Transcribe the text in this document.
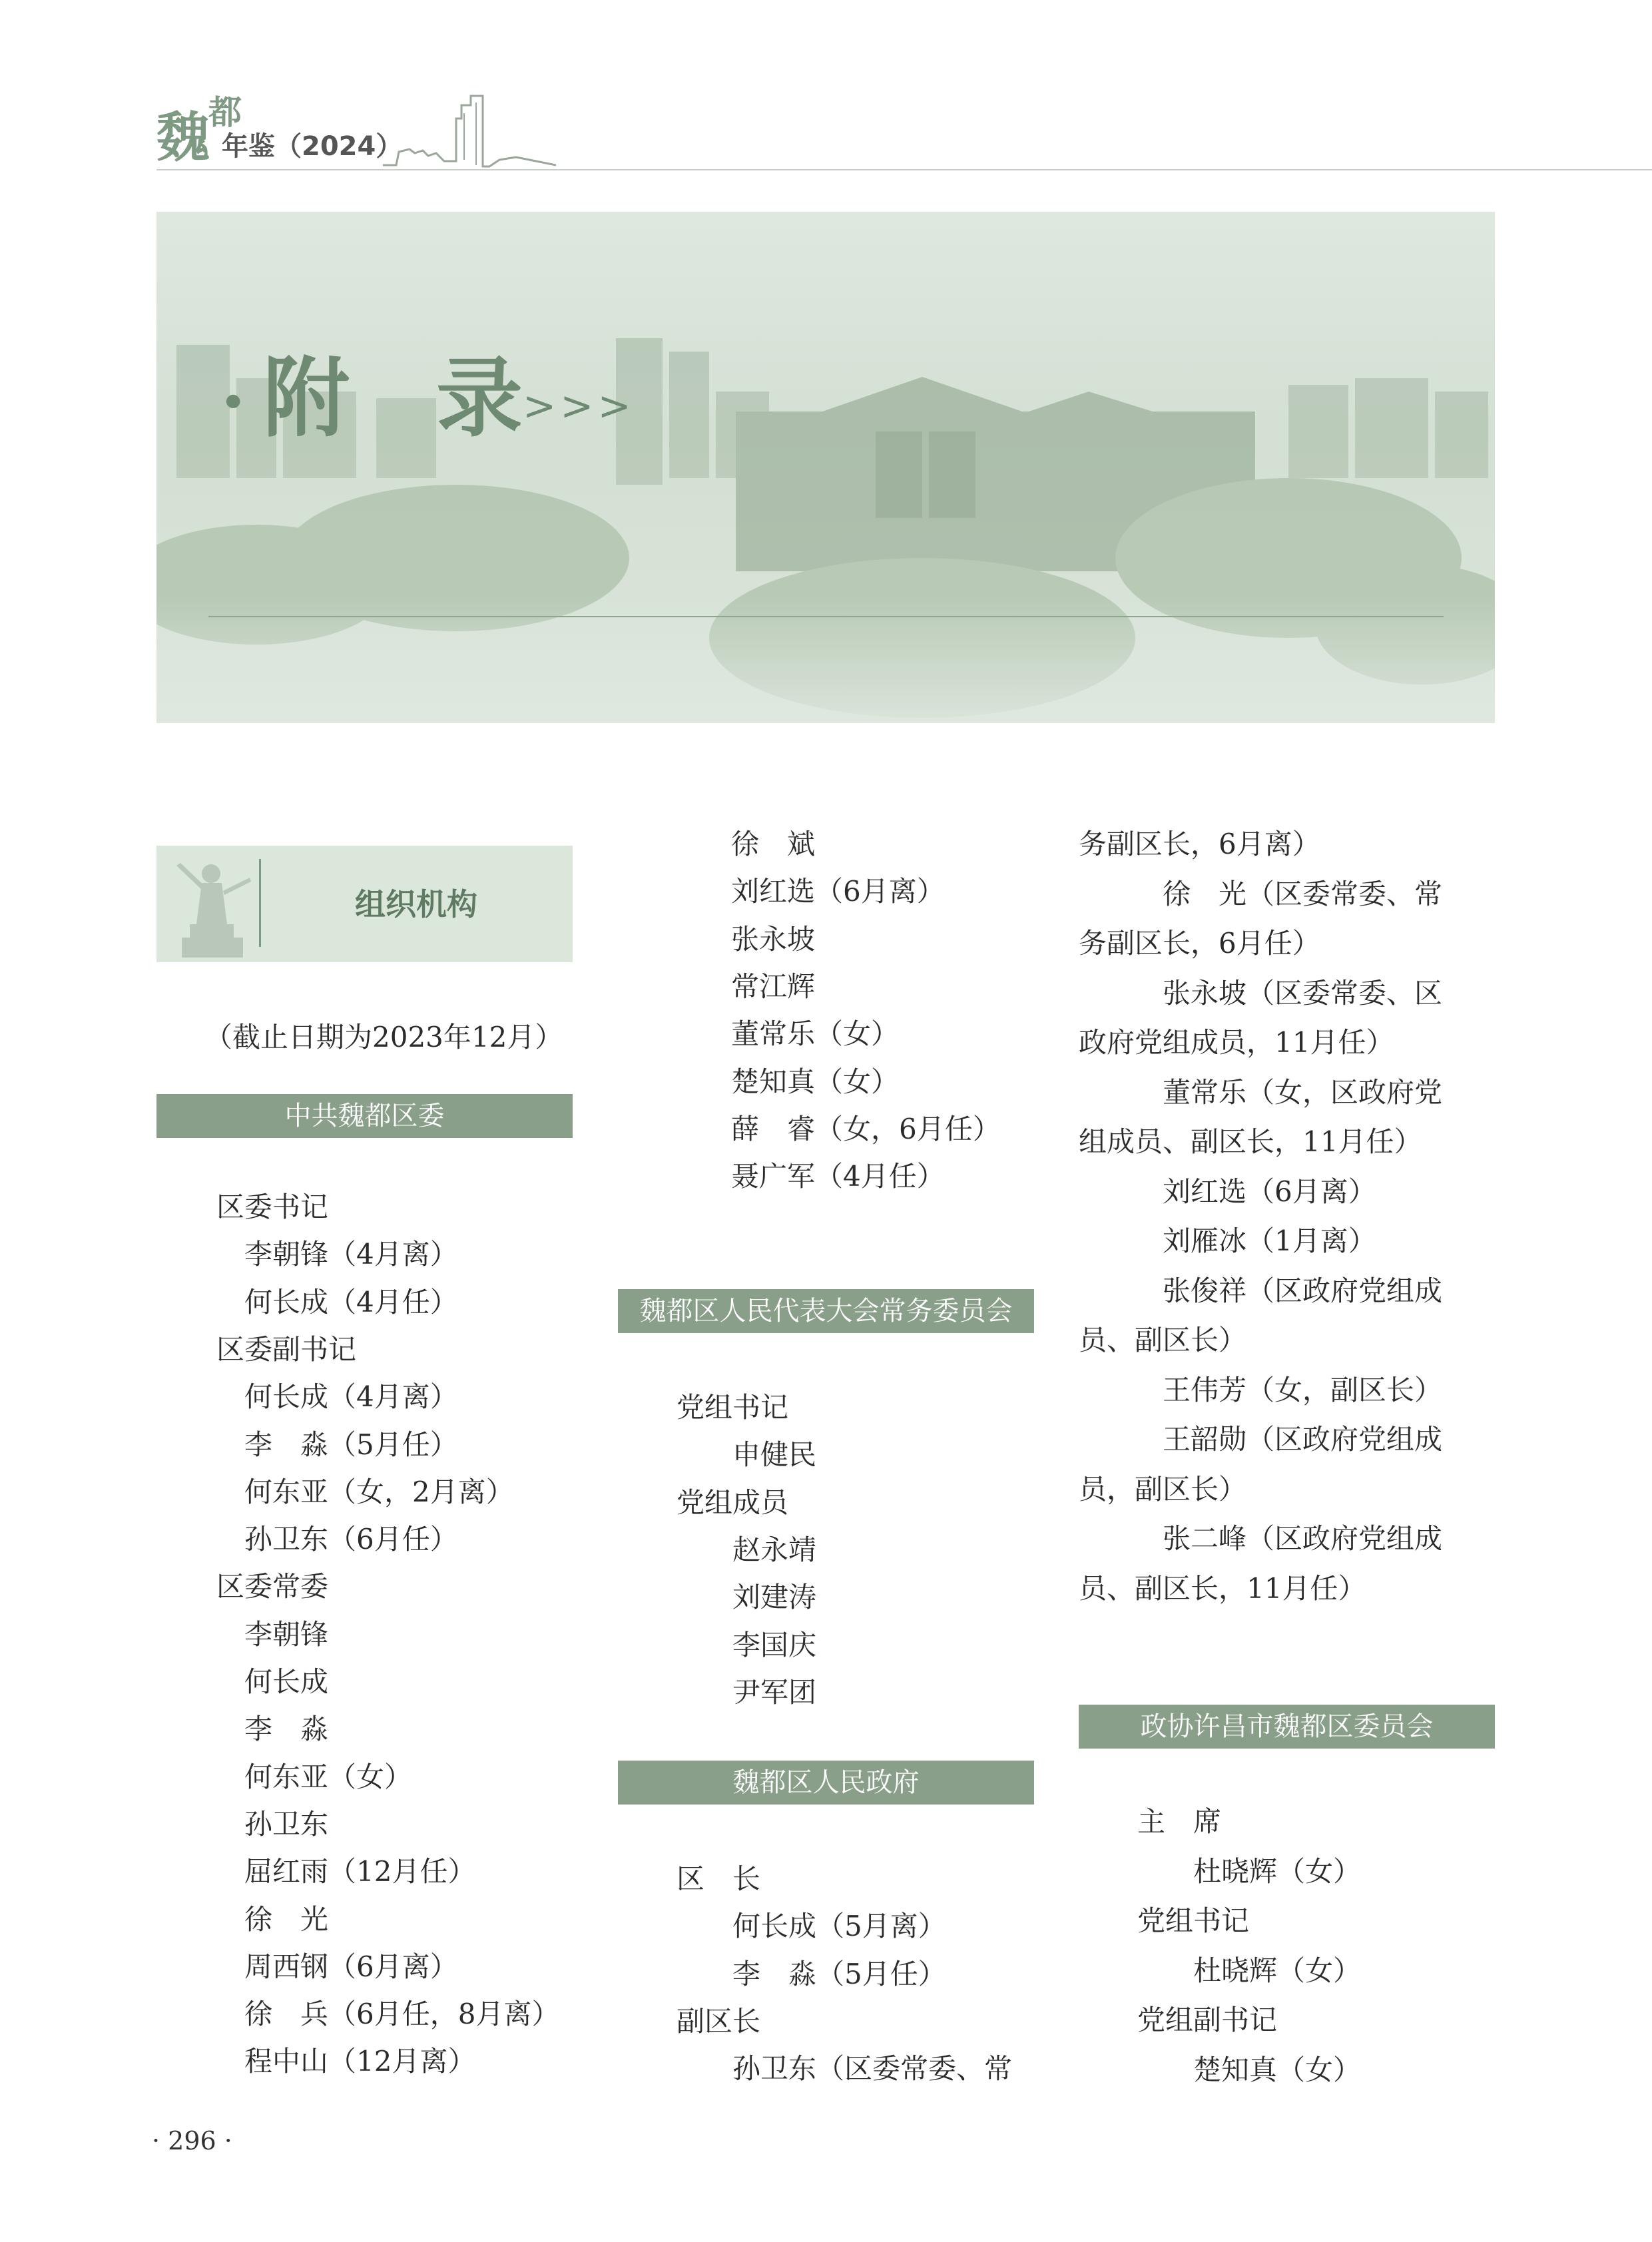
魏
都
年鉴（2024）
· 附　录 >>>
组织机构
（截止日期为2023年12月）
中共魏都区委
区委书记
　李朝锋（4月离）
　何长成（4月任）
区委副书记
　何长成（4月离）
　李　淼（5月任）
　何东亚（女，2月离）
　孙卫东（6月任）
区委常委
　李朝锋
　何长成
　李　淼
　何东亚（女）
　孙卫东
　屈红雨（12月任）
　徐　光
　周西钢（6月离）
　徐　兵（6月任，8月离）
　程中山（12月离）
徐　斌
刘红选（6月离）
张永坡
常江辉
董常乐（女）
楚知真（女）
薛　睿（女，6月任）
聂广军（4月任）
魏都区人民代表大会常务委员会
党组书记
　　申健民
党组成员
　　赵永靖
　　刘建涛
　　李国庆
　　尹军团
魏都区人民政府
区　长
　　何长成（5月离）
　　李　淼（5月任）
副区长
　　孙卫东（区委常委、常
务副区长，6月离）
　　　徐　光（区委常委、常
务副区长，6月任）
　　　张永坡（区委常委、区
政府党组成员，11月任）
　　　董常乐（女，区政府党
组成员、副区长，11月任）
　　　刘红选（6月离）
　　　刘雁冰（1月离）
　　　张俊祥（区政府党组成
员、副区长）
　　　王伟芳（女，副区长）
　　　王韶勋（区政府党组成
员，副区长）
　　　张二峰（区政府党组成
员、副区长，11月任）
政协许昌市魏都区委员会
主　席
　　杜晓辉（女）
党组书记
　　杜晓辉（女）
党组副书记
　　楚知真（女）
· 296 ·
